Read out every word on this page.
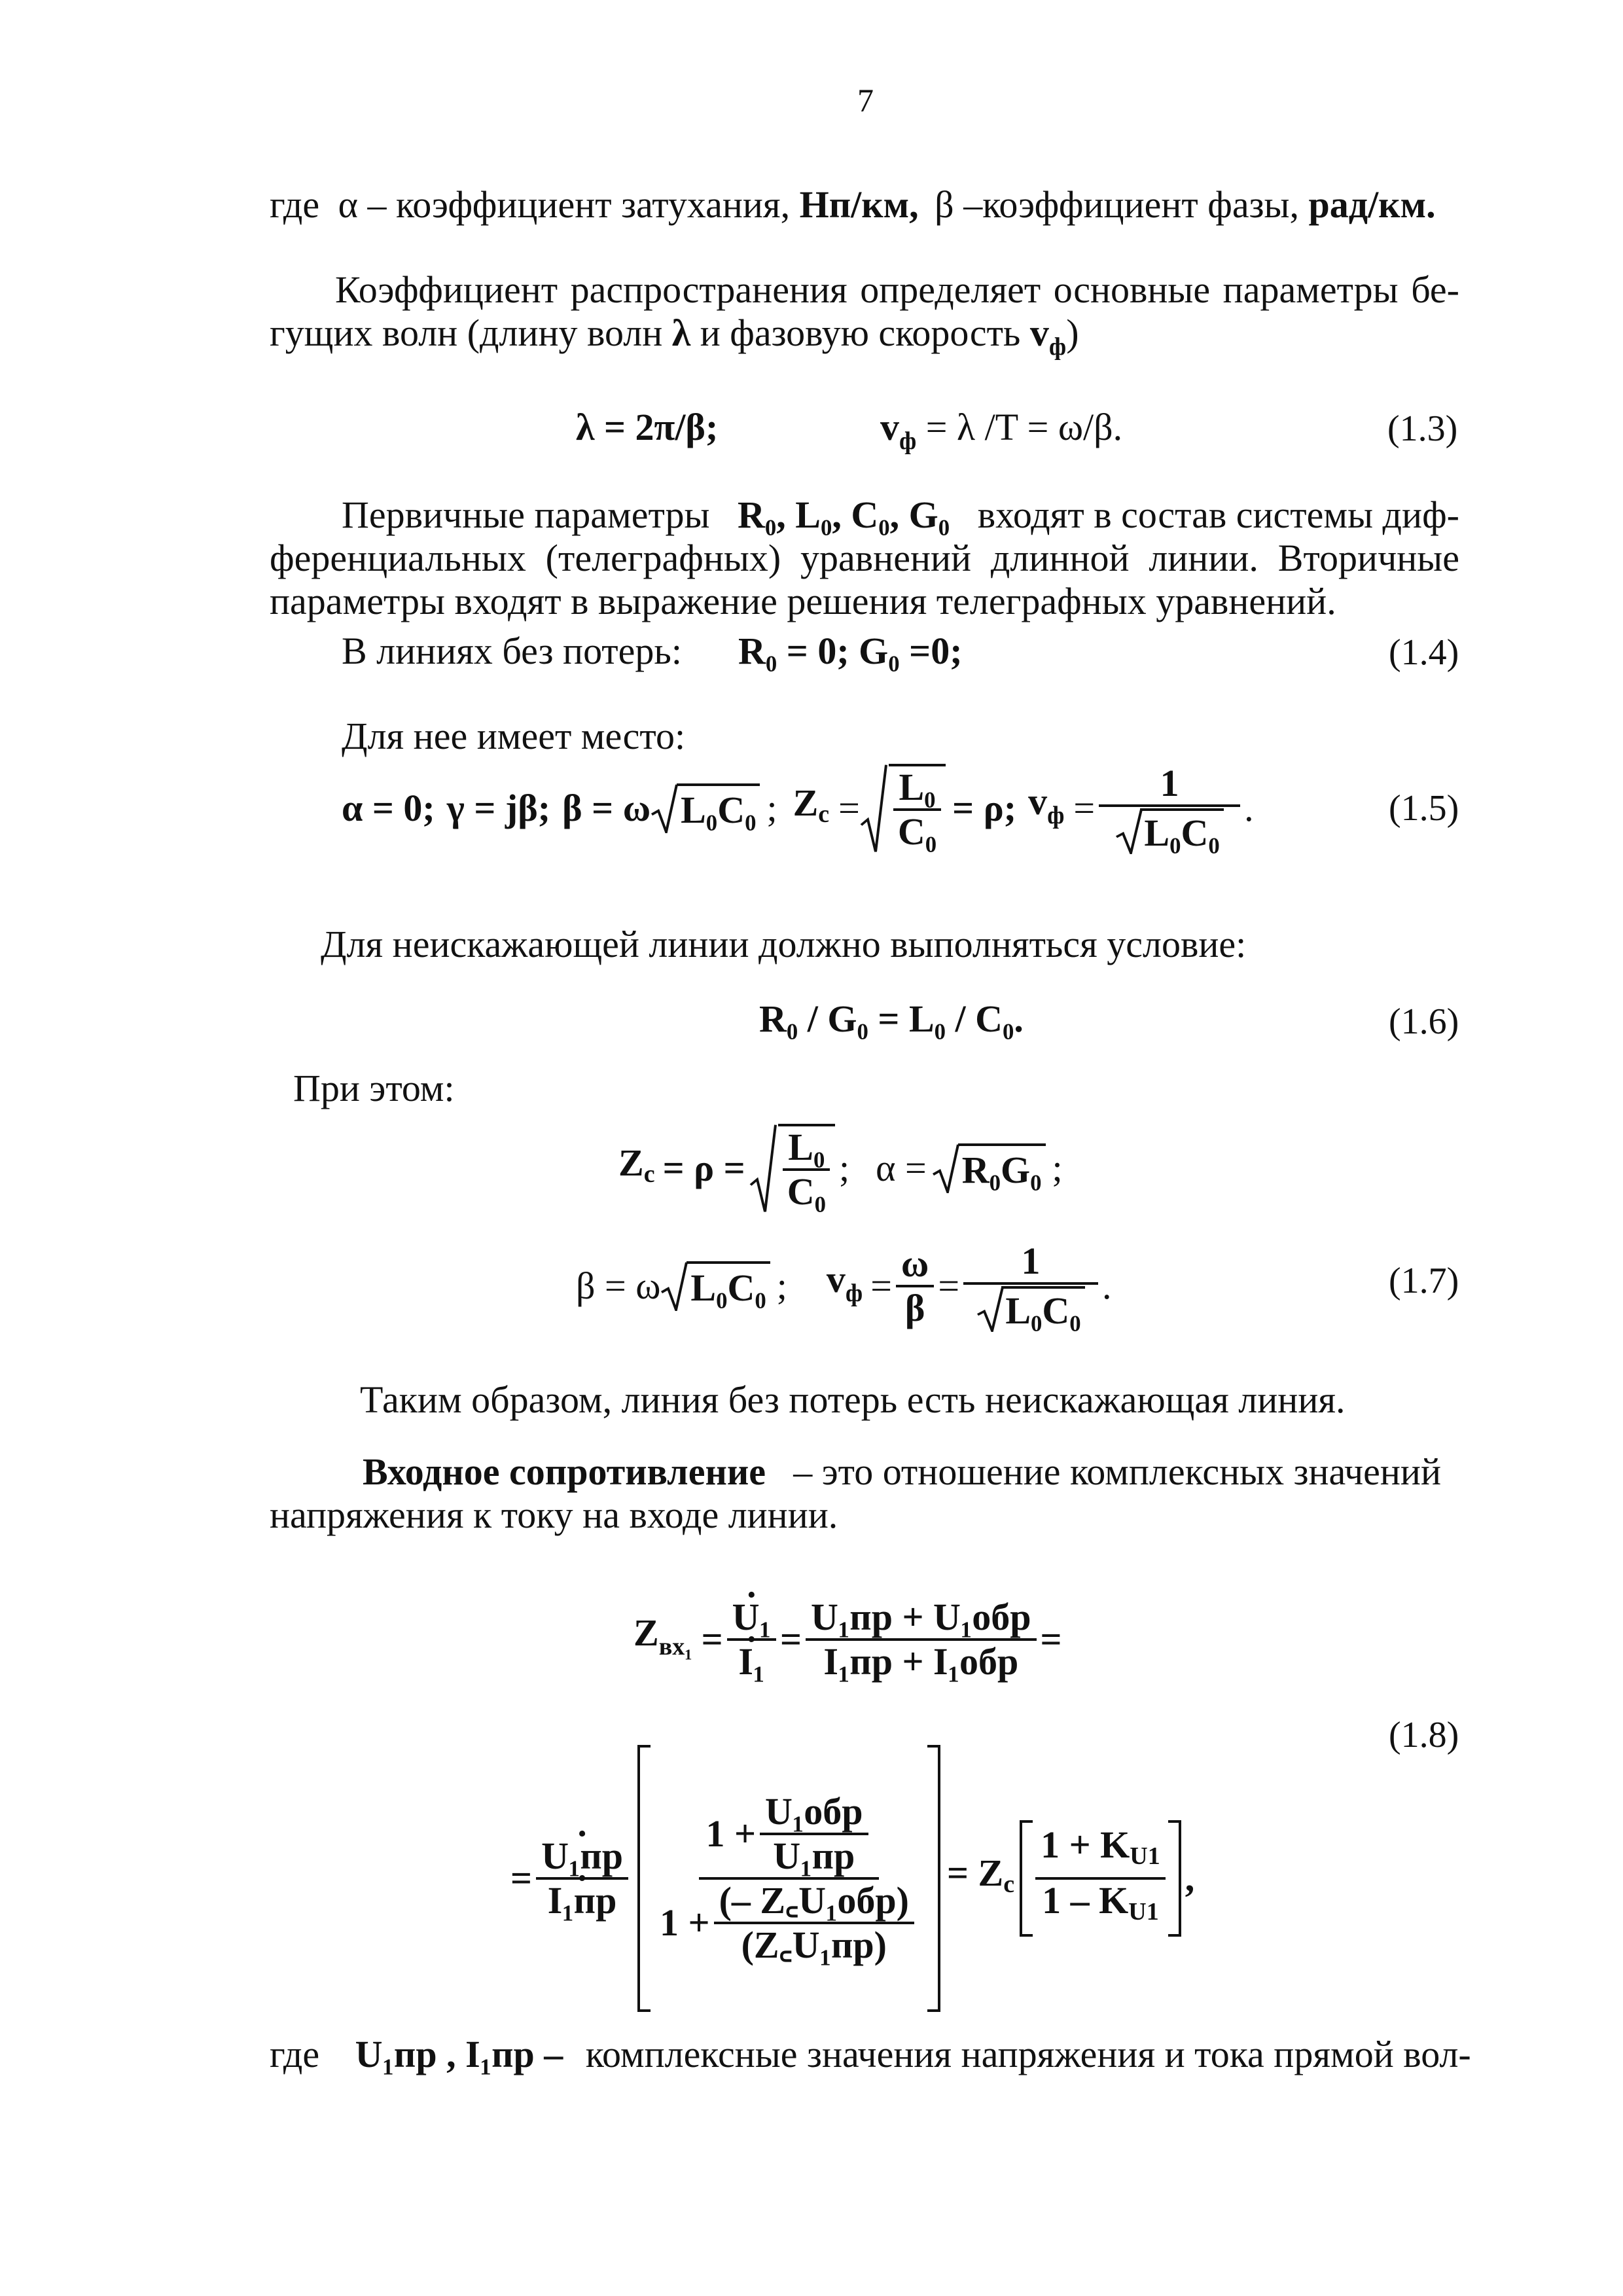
7
где α – коэффициент затухания, Нп/км, β –коэффициент фазы, рад/км.
Коэффициент распространения определяет основные параметры бе-
гущих волн (длину волн λ и фазовую скорость $v_ф$)
λ = 2π/β;	$v_ф = \lambda$ /T = ω/β.	(1.3)
Первичные параметры R₀, L₀, C₀, G₀ входят в состав системы диф-
ференциальных (телеграфных) уравнений длинной линии. Вторичные
параметры входят в выражение решения телеграфных уравнений.
В линиях без потерь: R₀ = 0; G₀ =0;	(1.4)
Для нее имеет место:
α = 0; γ = jβ; β = ω L₀C₀ ; $Zc = \frac{\text{L₀}}{\text{C₀}} = \rho$; $v_ф = \frac{1}{\text{L₀C₀}}$ .	(1.5)
Для неискажающей линии должно выполняться условие:
R₀ / G₀ = L₀ / C₀.	(1.6)
При этом:
$Zc = \rho = \frac{\text{L₀}}{\text{C₀}}$ ; α = R₀G₀ ;
β = ω L₀C₀ ; $v_ф = \frac{\omega}{\beta} = \frac{1}{\text{L₀C₀}}$ .	(1.7)
Таким образом, линия без потерь есть неискажающая линия.
Входное сопротивление – это отношение комплексных значений
напряжения к току на входе линии.
$Z_{вх_1}$ = · U₁
· $I_1 = \frac{\text{U₁пр + U₁обр}}{\text{I₁пр + I₁обр}}$ =
(1.8)
= · U₁пр
· $I_1пр \frac{1 + \frac{\text{U₁обр}}{\text{U₁пр}}}{1 + \frac{\text{(– Z꜀U₁обр)}}{\text{(Z꜀U₁пр)}}} = Zc \frac{1 + KU1}{1 - KU1}$ ,
где U₁пр , I₁пр – комплексные значения напряжения и тока прямой вол-
